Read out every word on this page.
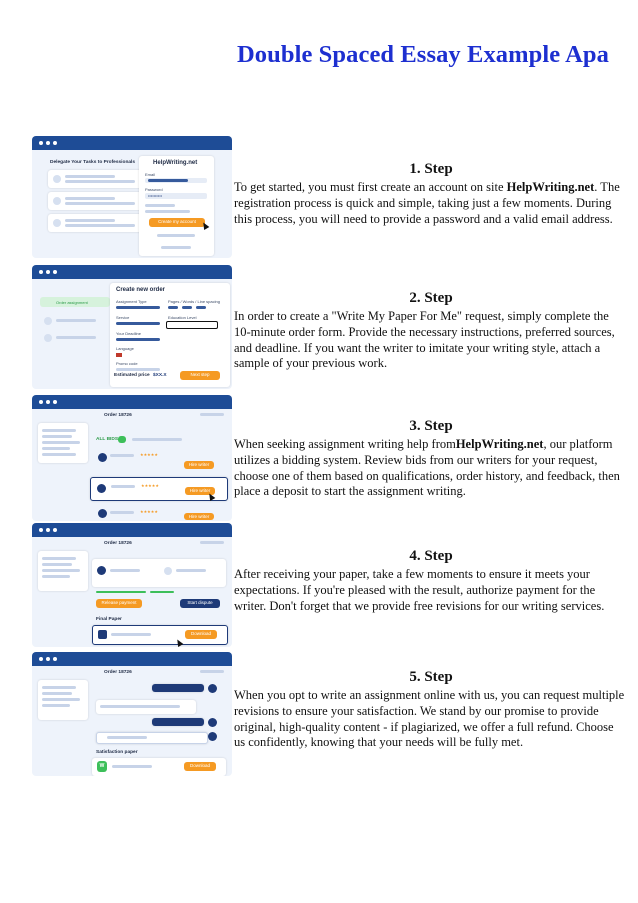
Double Spaced Essay Example Apa
Delegate Your Tasks to Professionals	HelpWriting.net
Email
Password
••••••••••
Create my account
Order assignment
Create new order
Assignment Type	Pages / Words / Line spacing
Service	Education Level
Your Deadline
Language
Promo code
Estimated price $XX.X	Next step
Order 18726
ALL BIDS
★★★★★
Hire writer
★★★★★
Hire writer
★★★★★
Hire writer
Order 18726
Release payment	Start dispute
Final Paper
Download
Order 18726
Satisfaction paper
W	Download
1. Step
To get started, you must first create an account on site HelpWriting.net. The registration process is quick and simple, taking just a few moments. During this process, you will need to provide a password and a valid email address.
2. Step
In order to create a "Write My Paper For Me" request, simply complete the 10-minute order form. Provide the necessary instructions, preferred sources, and deadline. If you want the writer to imitate your writing style, attach a sample of your previous work.
3. Step
When seeking assignment writing help fromHelpWriting.net, our platform utilizes a bidding system. Review bids from our writers for your request, choose one of them based on qualifications, order history, and feedback, then place a deposit to start the assignment writing.
4. Step
After receiving your paper, take a few moments to ensure it meets your expectations. If you're pleased with the result, authorize payment for the writer. Don't forget that we provide free revisions for our writing services.
5. Step
When you opt to write an assignment online with us, you can request multiple revisions to ensure your satisfaction. We stand by our promise to provide original, high-quality content - if plagiarized, we offer a full refund. Choose us confidently, knowing that your needs will be fully met.
